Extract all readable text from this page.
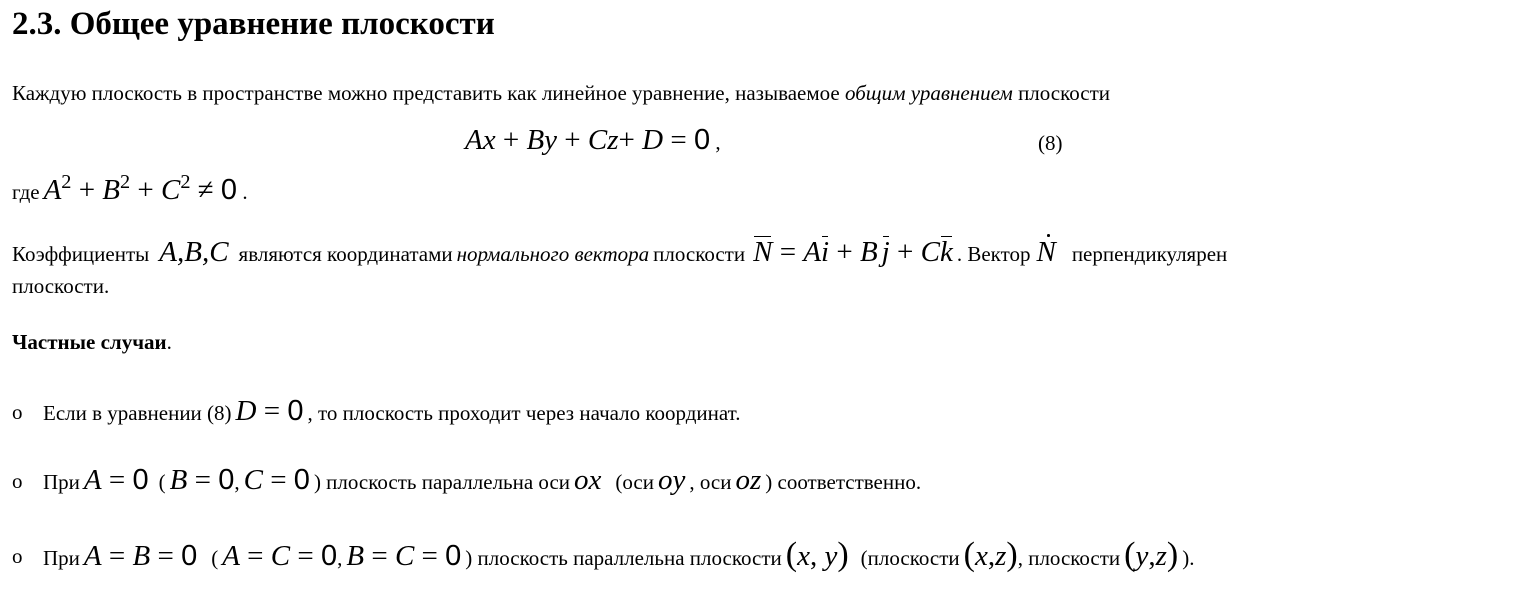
2.3. Общее уравнение плоскости
Каждую плоскость в пространстве можно представить как линейное уравнение, называемое общим уравнением плоскости
Ax + By + Cz+ D = 0 ,	(8)
где $A^2 + B^2 + C^2 \ne 0$ .
Коэффициенты A,B,C являются координатами нормального вектора плоскости N = Ai + B j + Ck . Вектор N перпендикулярен
плоскости.
Частные случаи.
o Если в уравнении (8) D = 0 , то плоскость проходит через начало координат.
o При A = 0 ( B = 0, C = 0 ) плоскость параллельна оси ox (оси oy , оси oz ) соответственно.
o При A = B = 0 ( A = C = 0, B = C = 0 ) плоскость параллельна плоскости (x, y) (плоскости (x,z), плоскости (y,z) ).
